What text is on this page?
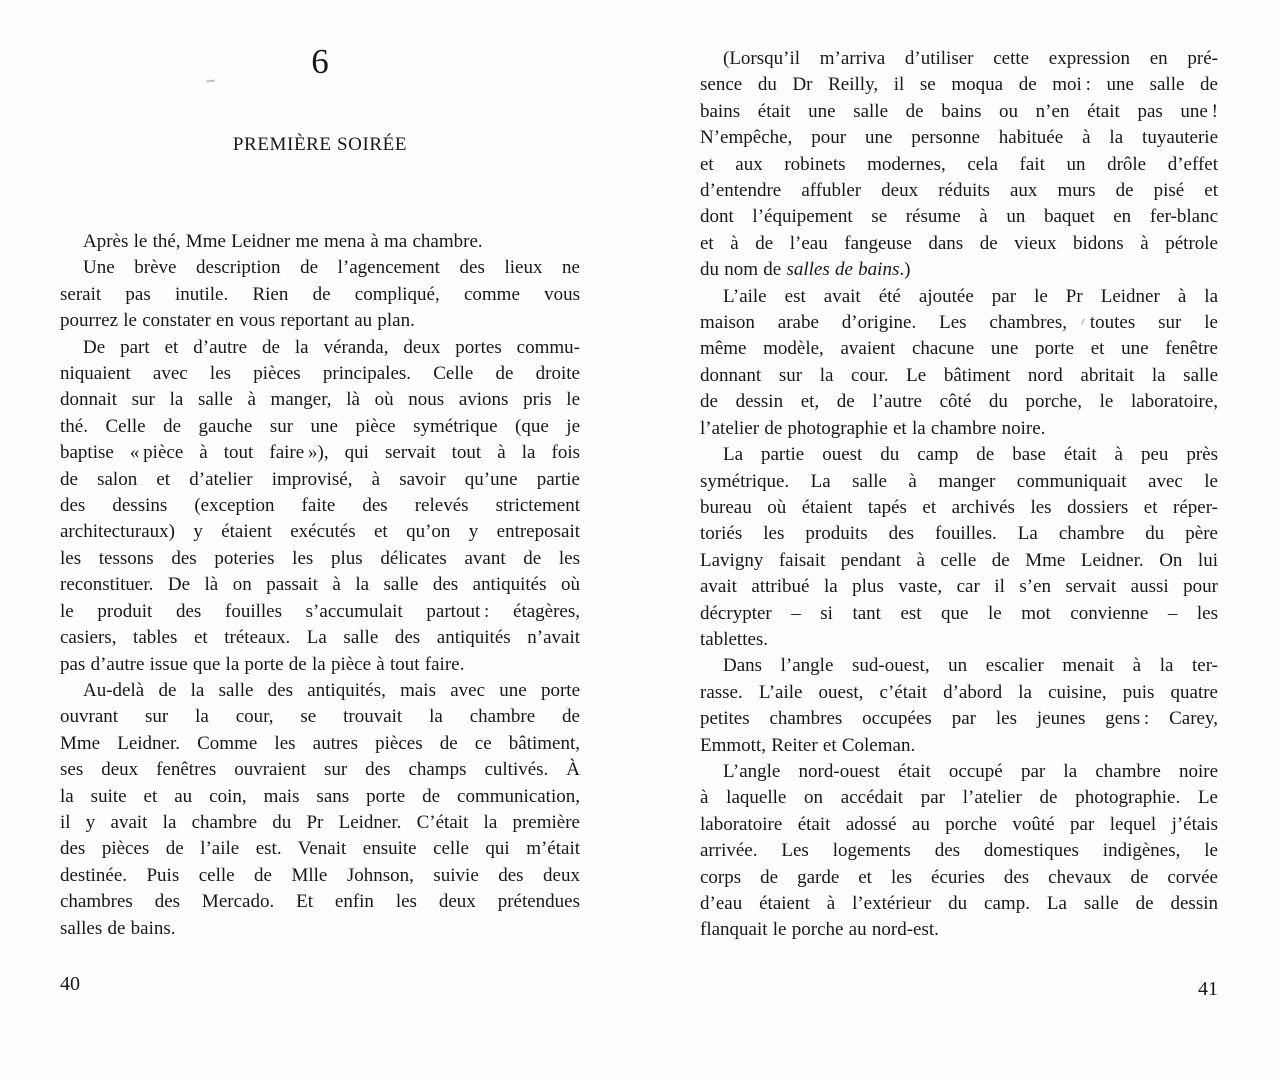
6
PREMIÈRE SOIRÉE
Après le thé, Mme Leidner me mena à ma chambre.
Une brève description de l’agencement des lieux ne
serait pas inutile. Rien de compliqué, comme vous
pourrez le constater en vous reportant au plan.
De part et d’autre de la véranda, deux portes commu-
niquaient avec les pièces principales. Celle de droite
donnait sur la salle à manger, là où nous avions pris le
thé. Celle de gauche sur une pièce symétrique (que je
baptise « pièce à tout faire »), qui servait tout à la fois
de salon et d’atelier improvisé, à savoir qu’une partie
des dessins (exception faite des relevés strictement
architecturaux) y étaient exécutés et qu’on y entreposait
les tessons des poteries les plus délicates avant de les
reconstituer. De là on passait à la salle des antiquités où
le produit des fouilles s’accumulait partout : étagères,
casiers, tables et tréteaux. La salle des antiquités n’avait
pas d’autre issue que la porte de la pièce à tout faire.
Au-delà de la salle des antiquités, mais avec une porte
ouvrant sur la cour, se trouvait la chambre de
Mme Leidner. Comme les autres pièces de ce bâtiment,
ses deux fenêtres ouvraient sur des champs cultivés. À
la suite et au coin, mais sans porte de communication,
il y avait la chambre du Pr Leidner. C’était la première
des pièces de l’aile est. Venait ensuite celle qui m’était
destinée. Puis celle de Mlle Johnson, suivie des deux
chambres des Mercado. Et enfin les deux prétendues
salles de bains.
40
(Lorsqu’il m’arriva d’utiliser cette expression en pré-
sence du Dr Reilly, il se moqua de moi : une salle de
bains était une salle de bains ou n’en était pas une !
N’empêche, pour une personne habituée à la tuyauterie
et aux robinets modernes, cela fait un drôle d’effet
d’entendre affubler deux réduits aux murs de pisé et
dont l’équipement se résume à un baquet en fer-blanc
et à de l’eau fangeuse dans de vieux bidons à pétrole
du nom de salles de bains.)
L’aile est avait été ajoutée par le Pr Leidner à la
maison arabe d’origine. Les chambres, toutes sur le
même modèle, avaient chacune une porte et une fenêtre
donnant sur la cour. Le bâtiment nord abritait la salle
de dessin et, de l’autre côté du porche, le laboratoire,
l’atelier de photographie et la chambre noire.
La partie ouest du camp de base était à peu près
symétrique. La salle à manger communiquait avec le
bureau où étaient tapés et archivés les dossiers et réper-
toriés les produits des fouilles. La chambre du père
Lavigny faisait pendant à celle de Mme Leidner. On lui
avait attribué la plus vaste, car il s’en servait aussi pour
décrypter – si tant est que le mot convienne – les
tablettes.
Dans l’angle sud-ouest, un escalier menait à la ter-
rasse. L’aile ouest, c’était d’abord la cuisine, puis quatre
petites chambres occupées par les jeunes gens : Carey,
Emmott, Reiter et Coleman.
L’angle nord-ouest était occupé par la chambre noire
à laquelle on accédait par l’atelier de photographie. Le
laboratoire était adossé au porche voûté par lequel j’étais
arrivée. Les logements des domestiques indigènes, le
corps de garde et les écuries des chevaux de corvée
d’eau étaient à l’extérieur du camp. La salle de dessin
flanquait le porche au nord-est.
41
